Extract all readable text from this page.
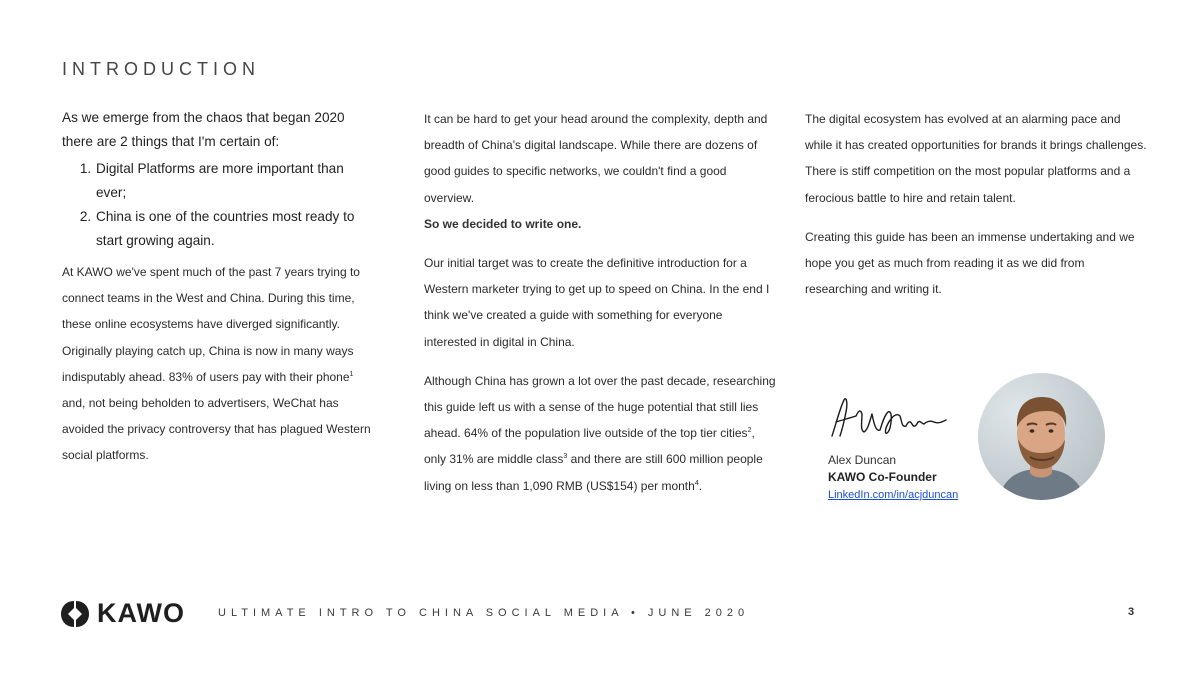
INTRODUCTION

As we emerge from the chaos that began 2020 there are 2 things that I'm certain of:

1. Digital Platforms are more important than ever;
2. China is one of the countries most ready to start growing again.

At KAWO we've spent much of the past 7 years trying to connect teams in the West and China. During this time, these online ecosystems have diverged significantly. Originally playing catch up, China is now in many ways indisputably ahead. 83% of users pay with their phone$^1$ and, not being beholden to advertisers, WeChat has avoided the privacy controversy that has plagued Western social platforms.

It can be hard to get your head around the complexity, depth and breadth of China's digital landscape. While there are dozens of good guides to specific networks, we couldn't find a good overview.
So we decided to write one.

Our initial target was to create the definitive introduction for a Western marketer trying to get up to speed on China. In the end I think we've created a guide with something for everyone interested in digital in China.

Although China has grown a lot over the past decade, researching this guide left us with a sense of the huge potential that still lies ahead. 64% of the population live outside of the top tier cities$^2$, only 31% are middle class$^3$ and there are still 600 million people living on less than 1,090 RMB (US$154) per month$^4$.

The digital ecosystem has evolved at an alarming pace and while it has created opportunities for brands it brings challenges. There is stiff competition on the most popular platforms and a ferocious battle to hire and retain talent.

Creating this guide has been an immense undertaking and we hope you get as much from reading it as we did from researching and writing it.

Alex Duncan
KAWO Co-Founder
LinkedIn.com/in/acjduncan
KAWO	ULTIMATE INTRO TO CHINA SOCIAL MEDIA • JUNE 2020	3
